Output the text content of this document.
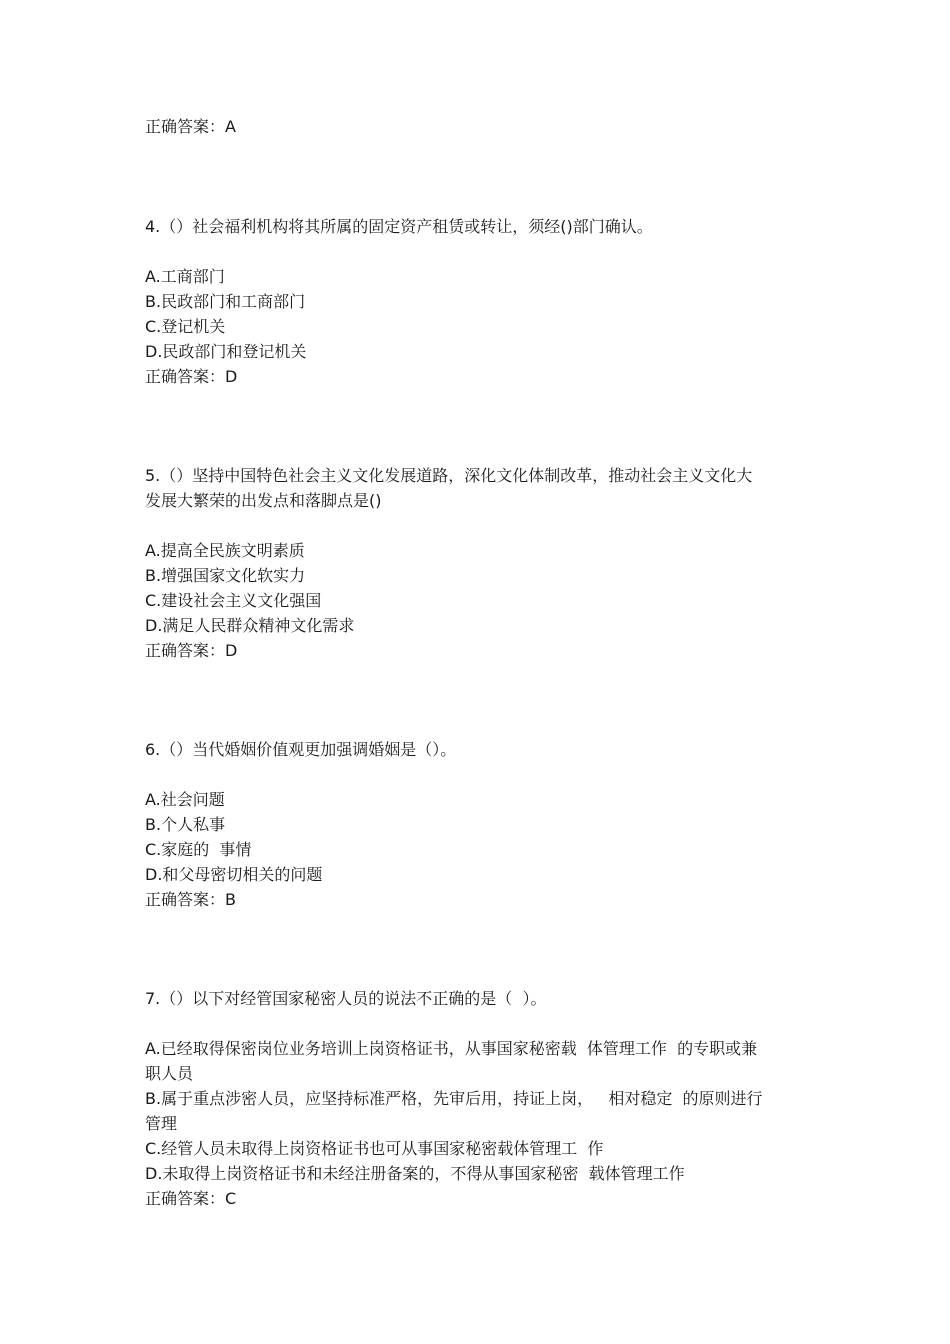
正确答案：A
4.（）社会福利机构将其所属的固定资产租赁或转让，须经()部门确认。
A.工商部门
B.民政部门和工商部门
C.登记机关
D.民政部门和登记机关
正确答案：D
5.（）坚持中国特色社会主义文化发展道路，深化文化体制改革，推动社会主义文化大
发展大繁荣的出发点和落脚点是()
A.提高全民族文明素质
B.增强国家文化软实力
C.建设社会主义文化强国
D.满足人民群众精神文化需求
正确答案：D
6.（）当代婚姻价值观更加强调婚姻是（）。
A.社会问题
B.个人私事
C.家庭的  事情
D.和父母密切相关的问题
正确答案：B
7.（）以下对经管国家秘密人员的说法不正确的是（  ）。
A.已经取得保密岗位业务培训上岗资格证书，从事国家秘密载  体管理工作  的专职或兼
职人员
B.属于重点涉密人员，应坚持标准严格，先审后用，持证上岗，   相对稳定  的原则进行
管理
C.经管人员未取得上岗资格证书也可从事国家秘密载体管理工  作
D.未取得上岗资格证书和未经注册备案的，不得从事国家秘密  载体管理工作
正确答案：C
